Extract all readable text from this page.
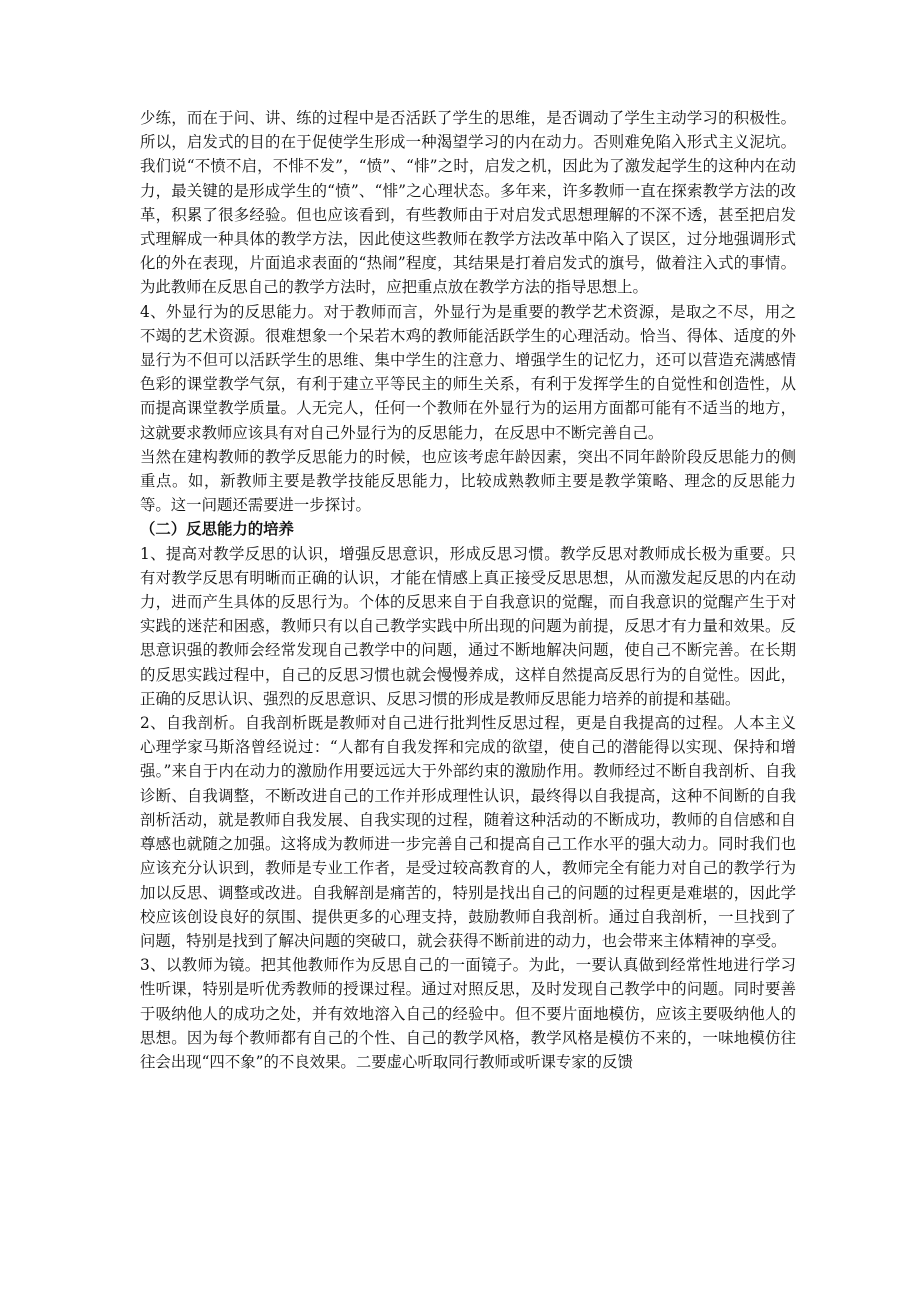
少练，而在于问、讲、练的过程中是否活跃了学生的思维，是否调动了学生主动学习的积极性。所以，启发式的目的在于促使学生形成一种渴望学习的内在动力。否则难免陷入形式主义泥坑。我们说“不愤不启，不悱不发”，“愤”、“悱”之时，启发之机，因此为了激发起学生的这种内在动力，最关键的是形成学生的“愤”、“悱”之心理状态。多年来，许多教师一直在探索教学方法的改革，积累了很多经验。但也应该看到，有些教师由于对启发式思想理解的不深不透，甚至把启发式理解成一种具体的教学方法，因此使这些教师在教学方法改革中陷入了误区，过分地强调形式化的外在表现，片面追求表面的“热闹”程度，其结果是打着启发式的旗号，做着注入式的事情。为此教师在反思自己的教学方法时，应把重点放在教学方法的指导思想上。

4、外显行为的反思能力。对于教师而言，外显行为是重要的教学艺术资源，是取之不尽，用之不竭的艺术资源。很难想象一个呆若木鸡的教师能活跃学生的心理活动。恰当、得体、适度的外显行为不但可以活跃学生的思维、集中学生的注意力、增强学生的记忆力，还可以营造充满感情色彩的课堂教学气氛，有利于建立平等民主的师生关系，有利于发挥学生的自觉性和创造性，从而提高课堂教学质量。人无完人，任何一个教师在外显行为的运用方面都可能有不适当的地方，这就要求教师应该具有对自己外显行为的反思能力，在反思中不断完善自己。

当然在建构教师的教学反思能力的时候，也应该考虑年龄因素，突出不同年龄阶段反思能力的侧重点。如，新教师主要是教学技能反思能力，比较成熟教师主要是教学策略、理念的反思能力等。这一问题还需要进一步探讨。

（二）反思能力的培养

1、提高对教学反思的认识，增强反思意识，形成反思习惯。教学反思对教师成长极为重要。只有对教学反思有明晰而正确的认识，才能在情感上真正接受反思思想，从而激发起反思的内在动力，进而产生具体的反思行为。个体的反思来自于自我意识的觉醒，而自我意识的觉醒产生于对实践的迷茫和困惑，教师只有以自己教学实践中所出现的问题为前提，反思才有力量和效果。反思意识强的教师会经常发现自己教学中的问题，通过不断地解决问题，使自己不断完善。在长期的反思实践过程中，自己的反思习惯也就会慢慢养成，这样自然提高反思行为的自觉性。因此，正确的反思认识、强烈的反思意识、反思习惯的形成是教师反思能力培养的前提和基础。

2、自我剖析。自我剖析既是教师对自己进行批判性反思过程，更是自我提高的过程。人本主义心理学家马斯洛曾经说过：“人都有自我发挥和完成的欲望，使自己的潜能得以实现、保持和增强。”来自于内在动力的激励作用要远远大于外部约束的激励作用。教师经过不断自我剖析、自我诊断、自我调整，不断改进自己的工作并形成理性认识，最终得以自我提高，这种不间断的自我剖析活动，就是教师自我发展、自我实现的过程，随着这种活动的不断成功，教师的自信感和自尊感也就随之加强。这将成为教师进一步完善自己和提高自己工作水平的强大动力。同时我们也应该充分认识到，教师是专业工作者，是受过较高教育的人，教师完全有能力对自己的教学行为加以反思、调整或改进。自我解剖是痛苦的，特别是找出自己的问题的过程更是难堪的，因此学校应该创设良好的氛围、提供更多的心理支持，鼓励教师自我剖析。通过自我剖析，一旦找到了问题，特别是找到了解决问题的突破口，就会获得不断前进的动力，也会带来主体精神的享受。

3、以教师为镜。把其他教师作为反思自己的一面镜子。为此，一要认真做到经常性地进行学习性听课，特别是听优秀教师的授课过程。通过对照反思，及时发现自己教学中的问题。同时要善于吸纳他人的成功之处，并有效地溶入自己的经验中。但不要片面地模仿，应该主要吸纳他人的思想。因为每个教师都有自己的个性、自己的教学风格，教学风格是模仿不来的，一味地模仿往往会出现“四不象”的不良效果。二要虚心听取同行教师或听课专家的反馈
